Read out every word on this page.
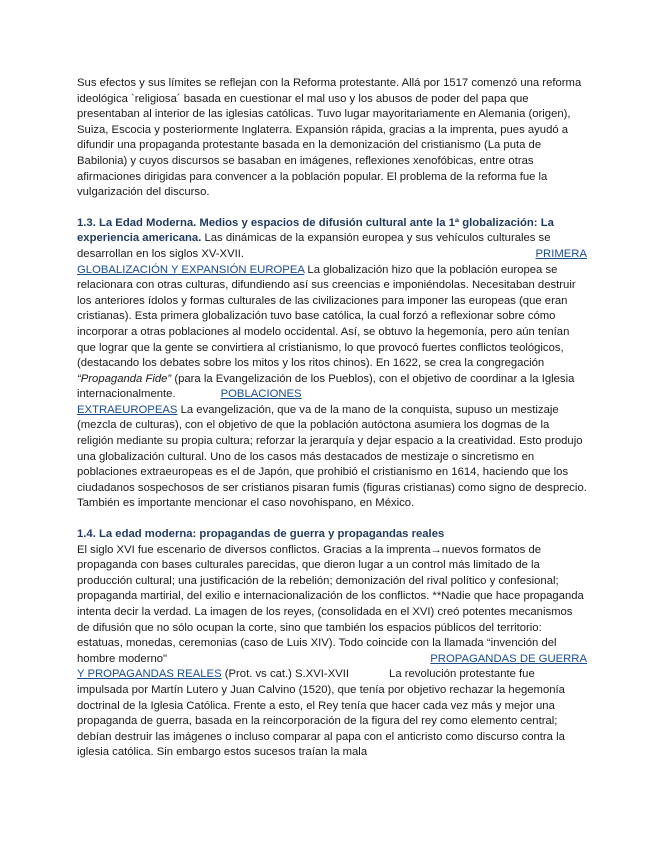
Sus efectos y sus límites se reflejan con la Reforma protestante. Allá por 1517 comenzó una reforma ideológica `religiosa´ basada en cuestionar el mal uso y los abusos de poder del papa que presentaban al interior de las iglesias católicas. Tuvo lugar mayoritariamente en Alemania (origen), Suiza, Escocia y posteriormente Inglaterra. Expansión rápida, gracias a la imprenta, pues ayudó a difundir una propaganda protestante basada en la demonización del cristianismo (La puta de Babilonia) y cuyos discursos se basaban en imágenes, reflexiones xenofóbicas, entre otras afirmaciones dirigidas para convencer a la población popular. El problema de la reforma fue la vulgarización del discurso.

1.3. La Edad Moderna. Medios y espacios de difusión cultural ante la 1ª globalización: La experiencia americana. Las dinámicas de la expansión europea y sus vehículos culturales se desarrollan en los siglos XV-XVII.	PRIMERA
GLOBALIZACIÓN Y EXPANSIÓN EUROPEA La globalización hizo que la población europea se relacionara con otras culturas, difundiendo así sus creencias e imponiéndolas. Necesitaban destruir los anteriores ídolos y formas culturales de las civilizaciones para imponer las europeas (que eran cristianas). Esta primera globalización tuvo base católica, la cual forzó a reflexionar sobre cómo incorporar a otras poblaciones al modelo occidental. Así, se obtuvo la hegemonía, pero aún tenían que lograr que la gente se convirtiera al cristianismo, lo que provocó fuertes conflictos teológicos, (destacando los debates sobre los mitos y los ritos chinos). En 1622, se crea la congregación “Propaganda Fide” (para la Evangelización de los Pueblos), con el objetivo de coordinar a la Iglesia internacionalmente.	POBLACIONES
EXTRAEUROPEAS La evangelización, que va de la mano de la conquista, supuso un mestizaje (mezcla de culturas), con el objetivo de que la población autóctona asumiera los dogmas de la religión mediante su propia cultura; reforzar la jerarquía y dejar espacio a la creatividad. Esto produjo una globalización cultural. Uno de los casos más destacados de mestizaje o sincretismo en poblaciones extraeuropeas es el de Japón, que prohibió el cristianismo en 1614, haciendo que los ciudadanos sospechosos de ser cristianos pisaran fumis (figuras cristianas) como signo de desprecio. También es importante mencionar el caso novohispano, en México.

1.4. La edad moderna: propagandas de guerra y propagandas reales
El siglo XVI fue escenario de diversos conflictos. Gracias a la imprenta→nuevos formatos de propaganda con bases culturales parecidas, que dieron lugar a un control más limitado de la producción cultural; una justificación de la rebelión; demonización del rival político y confesional; propaganda martirial, del exilio e internacionalización de los conflictos. **Nadie que hace propaganda intenta decir la verdad. La imagen de los reyes, (consolidada en el XVI) creó potentes mecanismos de difusión que no sólo ocupan la corte, sino que también los espacios públicos del territorio: estatuas, monedas, ceremonias (caso de Luis XIV). Todo coincide con la llamada “invención del hombre moderno"	PROPAGANDAS DE GUERRA
Y PROPAGANDAS REALES (Prot. vs cat.) S.XVI-XVII	La revolución protestante fue impulsada por Martín Lutero y Juan Calvino (1520), que tenía por objetivo rechazar la hegemonía doctrinal de la Iglesia Católica. Frente a esto, el Rey tenía que hacer cada vez más y mejor una propaganda de guerra, basada en la reincorporación de la figura del rey como elemento central; debían destruir las imágenes o incluso comparar al papa con el anticristo como discurso contra la iglesia católica. Sin embargo estos sucesos traían la mala
